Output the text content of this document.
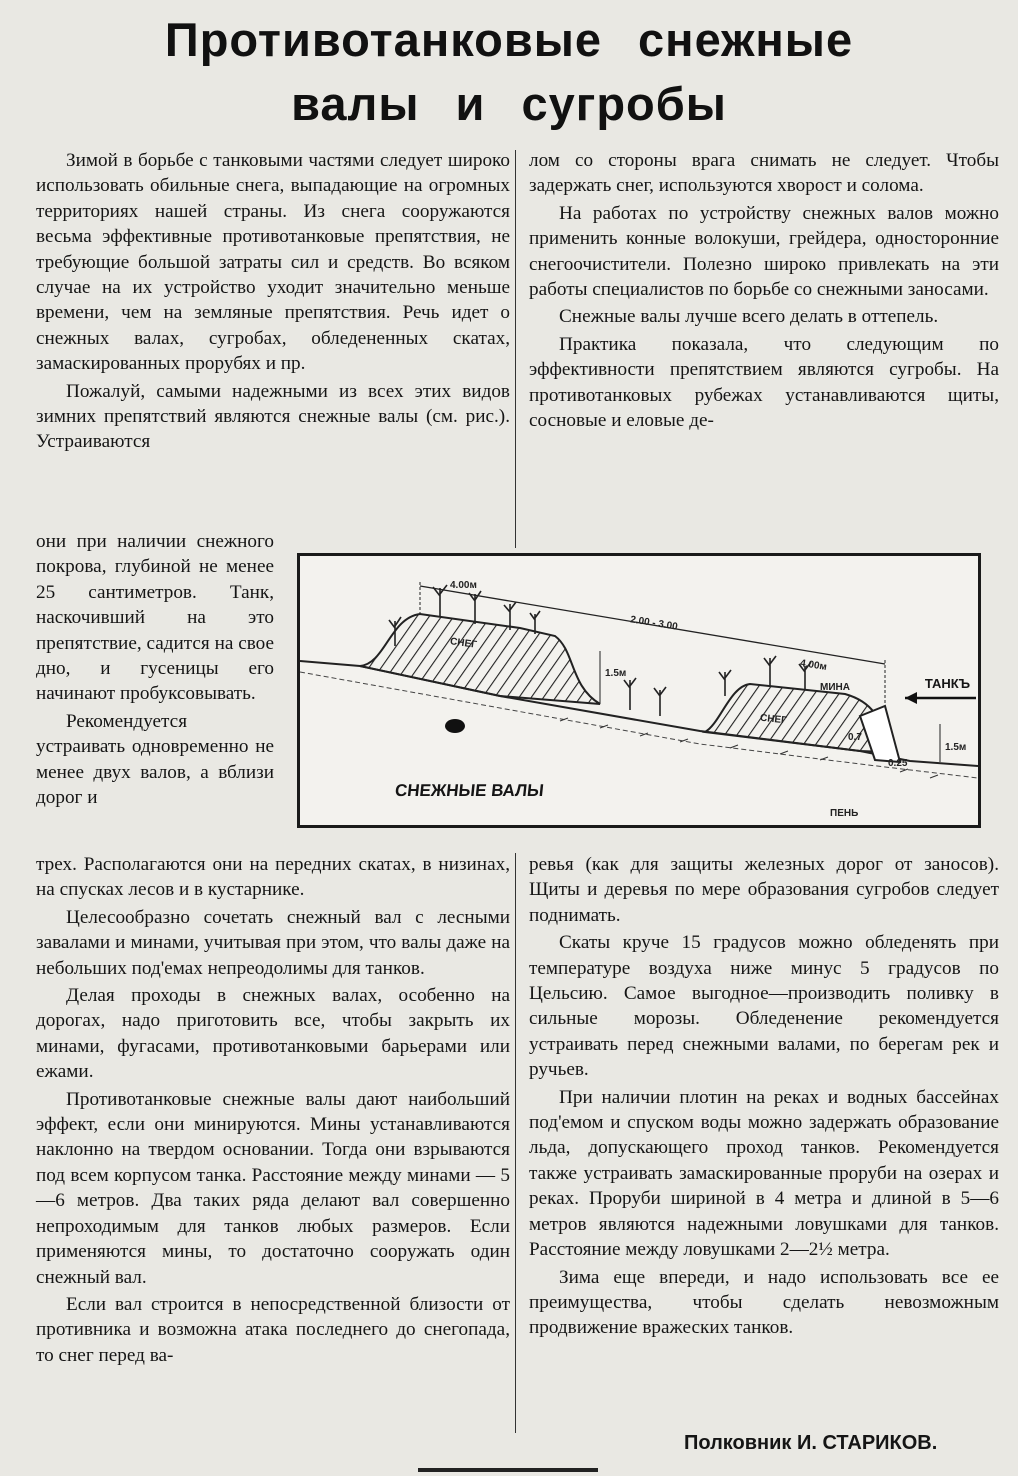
Противотанковые снежные
валы и сугробы

Зимой в борьбе с танковыми частями следует широко использовать обильные снега, выпадающие на огромных территориях нашей страны. Из снега сооружаются весьма эффективные противотанковые препятствия, не требующие большой затраты сил и средств. Во всяком случае на их устройство уходит значительно меньше времени, чем на земляные препятствия. Речь идет о снежных валах, сугробах, обледененных скатах, замаскированных прорубях и пр.

Пожалуй, самыми надежными из всех этих видов зимних препятствий являются снежные валы (см. рис.). Устраиваются

они при наличии снежного покрова, глубиной не менее 25 сантиметров. Танк, наскочивший на это препятствие, садится на свое дно, и гусеницы его начинают пробуксовывать.

Рекомендуется устраивать одновременно не менее двух валов, а вблизи дорог и

трех. Располагаются они на передних скатах, в низинах, на спусках лесов и в кустарнике.

Целесообразно сочетать снежный вал с лесными завалами и минами, учитывая при этом, что валы даже на небольших под'емах непреодолимы для танков.

Делая проходы в снежных валах, особенно на дорогах, надо приготовить все, чтобы закрыть их минами, фугасами, противотанковыми барьерами или ежами.

Противотанковые снежные валы дают наибольший эффект, если они минируются. Мины устанавливаются наклонно на твердом основании. Тогда они взрываются под всем корпусом танка. Расстояние между минами — 5—6 метров. Два таких ряда делают вал совершенно непроходимым для танков любых размеров. Если применяются мины, то достаточно сооружать один снежный вал.

Если вал строится в непосредственной близости от противника и возможна атака последнего до снегопада, то снег перед ва-

лом со стороны врага снимать не следует. Чтобы задержать снег, используются хворост и солома.

На работах по устройству снежных валов можно применить конные волокуши, грейдера, односторонние снегоочистители. Полезно широко привлекать на эти работы специалистов по борьбе со снежными заносами.

Снежные валы лучше всего делать в оттепель.

Практика показала, что следующим по эффективности препятствием являются сугробы. На противотанковых рубежах устанавливаются щиты, сосновые и еловые де-

ревья (как для защиты железных дорог от заносов). Щиты и деревья по мере образования сугробов следует поднимать.

Скаты круче 15 градусов можно обледенять при температуре воздуха ниже минус 5 градусов по Цельсию. Самое выгодное—производить поливку в сильные морозы. Обледенение рекомендуется устраивать перед снежными валами, по берегам рек и ручьев.

При наличии плотин на реках и водных бассейнах под'емом и спуском воды можно задержать образование льда, допускающего проход танков. Рекомендуется также устраивать замаскированные проруби на озерах и реках. Проруби шириной в 4 метра и длиной в 5—6 метров являются надежными ловушками для танков. Расстояние между ловушками 2—2½ метра.

Зима еще впереди, и надо использовать все ее преимущества, чтобы сделать невозможным продвижение вражеских танков.

4.00м
2.00 - 3.00
4.00м
СНЕГ
СНЕГ
1.5м
1.5м
МИНА
0.7
0.25
ПЕНЬ
ТАНКЪ
СНЕЖНЫЕ ВАЛЫ
Полковник И. СТАРИКОВ.
